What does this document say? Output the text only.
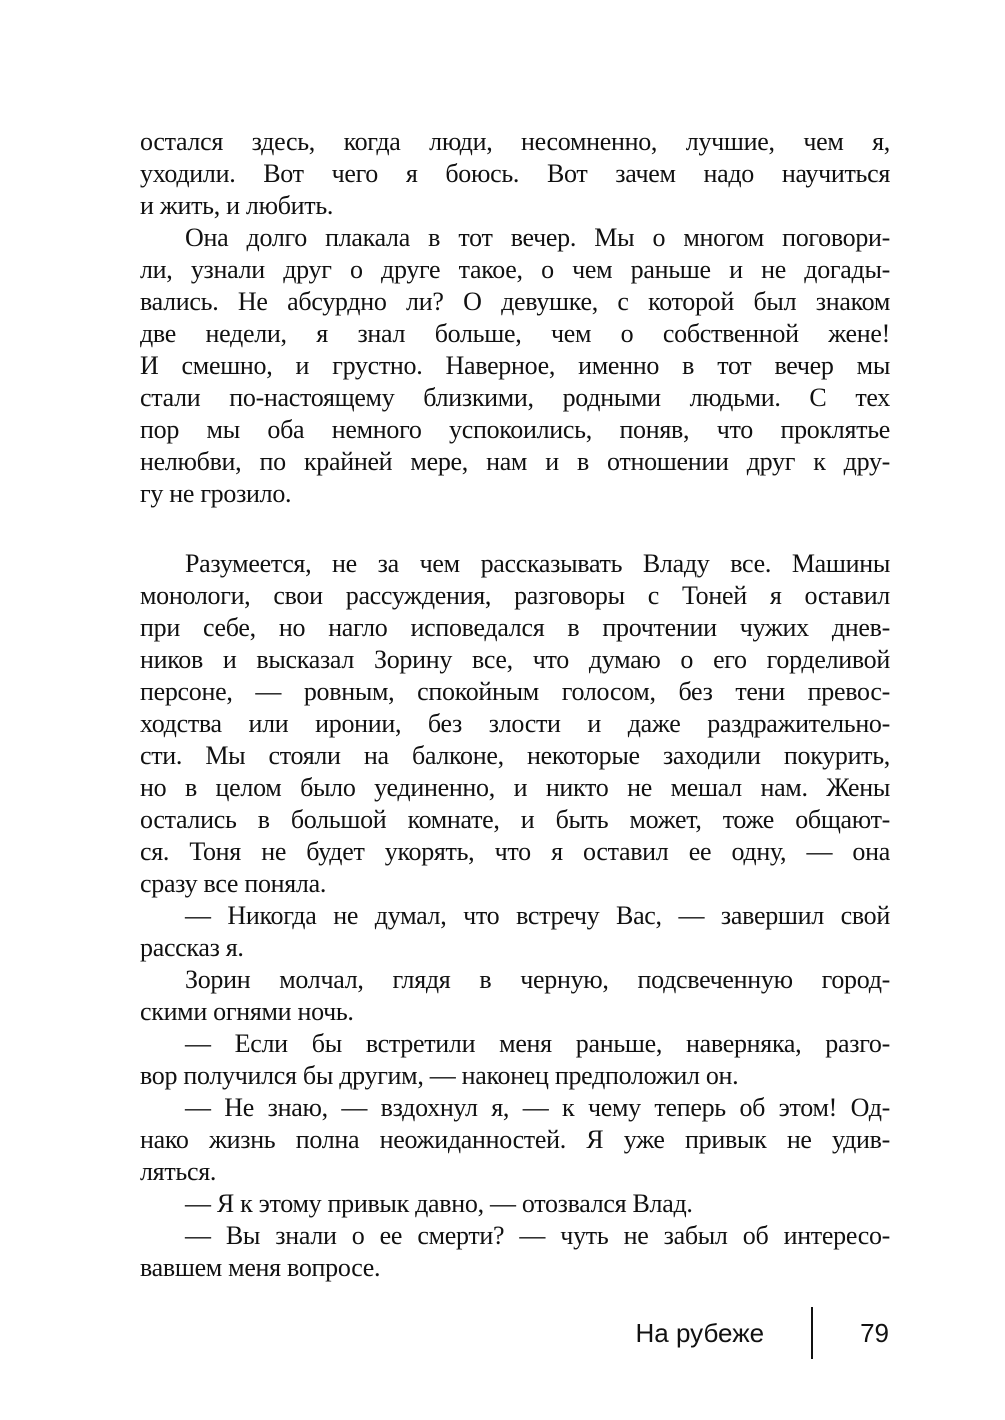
остался здесь, когда люди, несомненно, лучшие, чем я,
уходили. Вот чего я боюсь. Вот зачем надо научиться
и жить, и любить.
Она долго плакала в тот вечер. Мы о многом поговори-
ли, узнали друг о друге такое, о чем раньше и не догады-
вались. Не абсурдно ли? О девушке, с которой был знаком
две недели, я знал больше, чем о собственной жене!
И смешно, и грустно. Наверное, именно в тот вечер мы
стали по-настоящему близкими, родными людьми. С тех
пор мы оба немного успокоились, поняв, что проклятье
нелюбви, по крайней мере, нам и в отношении друг к дру-
гу не грозило.
Разумеется, не за чем рассказывать Владу все. Машины
монологи, свои рассуждения, разговоры с Тоней я оставил
при себе, но нагло исповедался в прочтении чужих днев-
ников и высказал Зорину все, что думаю о его горделивой
персоне, — ровным, спокойным голосом, без тени превос-
ходства или иронии, без злости и даже раздражительно-
сти. Мы стояли на балконе, некоторые заходили покурить,
но в целом было уединенно, и никто не мешал нам. Жены
остались в большой комнате, и быть может, тоже общают-
ся. Тоня не будет укорять, что я оставил ее одну, — она
сразу все поняла.
— Никогда не думал, что встречу Вас, — завершил свой
рассказ я.
Зорин молчал, глядя в черную, подсвеченную город-
скими огнями ночь.
— Если бы встретили меня раньше, наверняка, разго-
вор получился бы другим, — наконец предположил он.
— Не знаю, — вздохнул я, — к чему теперь об этом! Од-
нако жизнь полна неожиданностей. Я уже привык не удив-
ляться.
— Я к этому привык давно, — отозвался Влад.
— Вы знали о ее смерти? — чуть не забыл об интересо-
вавшем меня вопросе.
На рубеже	79
